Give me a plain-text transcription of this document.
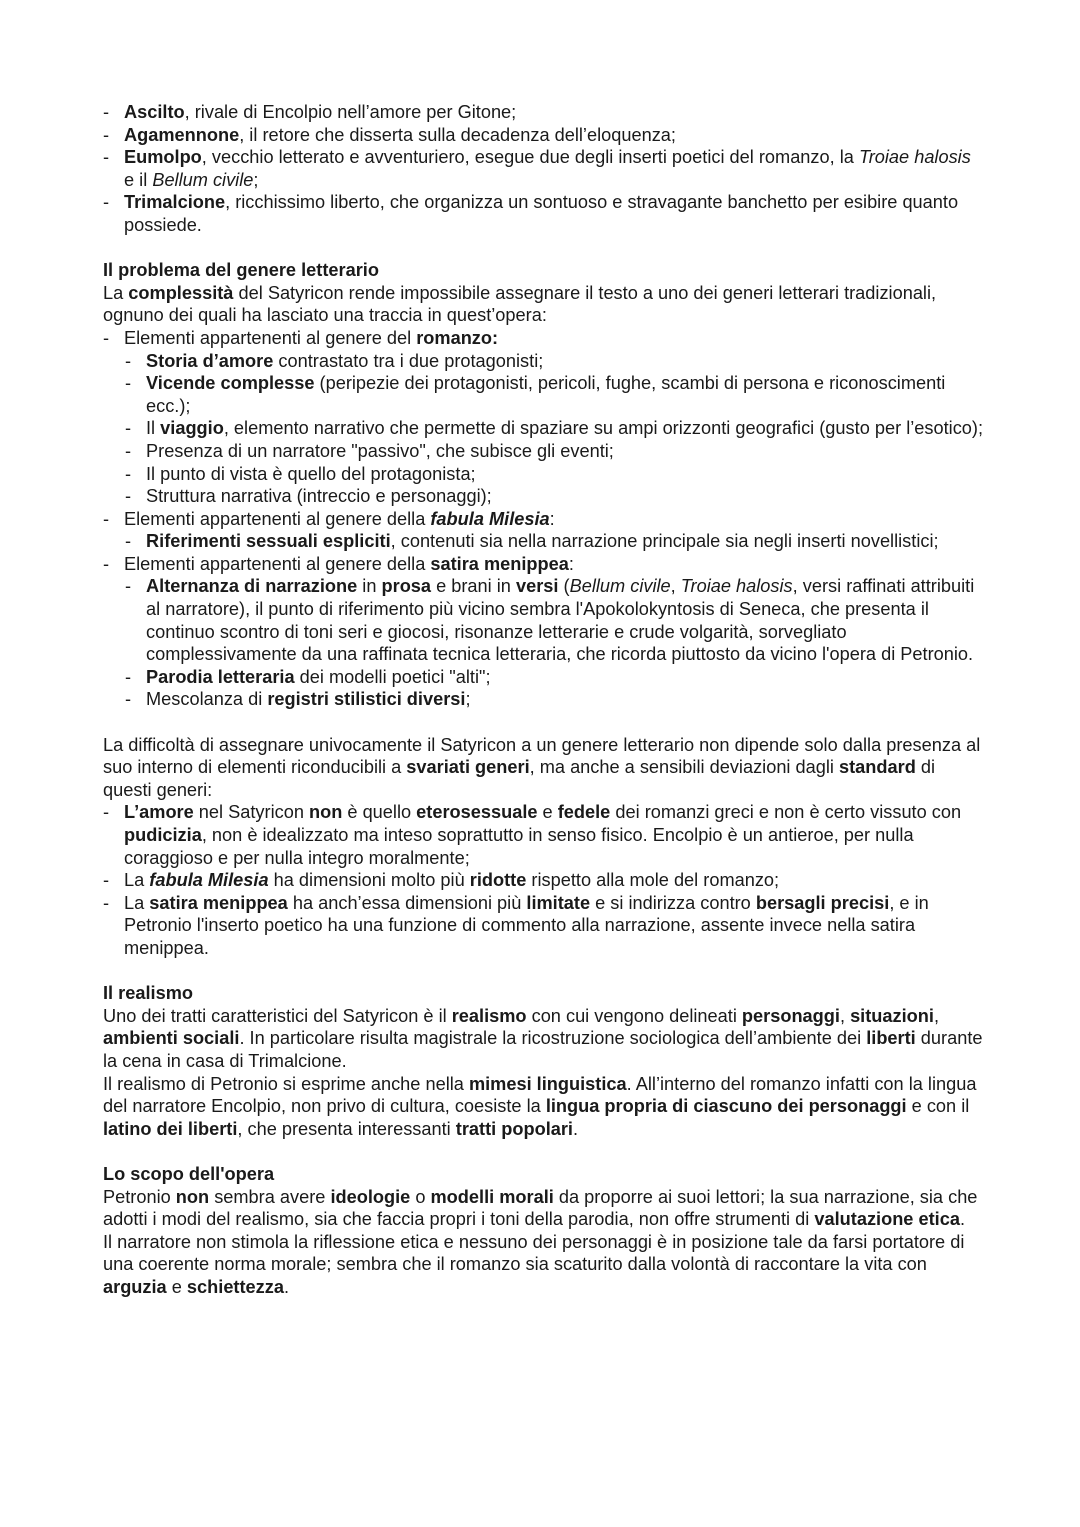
- Ascilto, rivale di Encolpio nell’amore per Gitone;
- Agamennone, il retore che disserta sulla decadenza dell’eloquenza;
- Eumolpo, vecchio letterato e avventuriero, esegue due degli inserti poetici del romanzo, la Troiae halosis e il Bellum civile;
- Trimalcione, ricchissimo liberto, che organizza un sontuoso e stravagante banchetto per esibire quanto possiede.
Il problema del genere letterario
La complessità del Satyricon rende impossibile assegnare il testo a uno dei generi letterari tradizionali, ognuno dei quali ha lasciato una traccia in quest’opera:
- Elementi appartenenti al genere del romanzo:
- Storia d’amore contrastato tra i due protagonisti;
- Vicende complesse (peripezie dei protagonisti, pericoli, fughe, scambi di persona e riconoscimenti ecc.);
- Il viaggio, elemento narrativo che permette di spaziare su ampi orizzonti geografici (gusto per l’esotico);
- Presenza di un narratore "passivo", che subisce gli eventi;
- Il punto di vista è quello del protagonista;
- Struttura narrativa (intreccio e personaggi);
- Elementi appartenenti al genere della fabula Milesia:
- Riferimenti sessuali espliciti, contenuti sia nella narrazione principale sia negli inserti novellistici;
- Elementi appartenenti al genere della satira menippea:
- Alternanza di narrazione in prosa e brani in versi (Bellum civile, Troiae halosis, versi raffinati attribuiti al narratore), il punto di riferimento più vicino sembra l'Apokolokyntosis di Seneca, che presenta il continuo scontro di toni seri e giocosi, risonanze letterarie e crude volgarità, sorvegliato complessivamente da una raffinata tecnica letteraria, che ricorda piuttosto da vicino l'opera di Petronio.
- Parodia letteraria dei modelli poetici "alti";
- Mescolanza di registri stilistici diversi;
La difficoltà di assegnare univocamente il Satyricon a un genere letterario non dipende solo dalla presenza al suo interno di elementi riconducibili a svariati generi, ma anche a sensibili deviazioni dagli standard di questi generi:
- L’amore nel Satyricon non è quello eterosessuale e fedele dei romanzi greci e non è certo vissuto con pudicizia, non è idealizzato ma inteso soprattutto in senso fisico. Encolpio è un antieroe, per nulla coraggioso e per nulla integro moralmente;
- La fabula Milesia ha dimensioni molto più ridotte rispetto alla mole del romanzo;
- La satira menippea ha anch’essa dimensioni più limitate e si indirizza contro bersagli precisi, e in Petronio l'inserto poetico ha una funzione di commento alla narrazione, assente invece nella satira menippea.
Il realismo
Uno dei tratti caratteristici del Satyricon è il realismo con cui vengono delineati personaggi, situazioni, ambienti sociali. In particolare risulta magistrale la ricostruzione sociologica dell’ambiente dei liberti durante la cena in casa di Trimalcione.
Il realismo di Petronio si esprime anche nella mimesi linguistica. All’interno del romanzo infatti con la lingua del narratore Encolpio, non privo di cultura, coesiste la lingua propria di ciascuno dei personaggi e con il latino dei liberti, che presenta interessanti tratti popolari.
Lo scopo dell'opera
Petronio non sembra avere ideologie o modelli morali da proporre ai suoi lettori; la sua narrazione, sia che adotti i modi del realismo, sia che faccia propri i toni della parodia, non offre strumenti di valutazione etica.
Il narratore non stimola la riflessione etica e nessuno dei personaggi è in posizione tale da farsi portatore di una coerente norma morale; sembra che il romanzo sia scaturito dalla volontà di raccontare la vita con arguzia e schiettezza.
